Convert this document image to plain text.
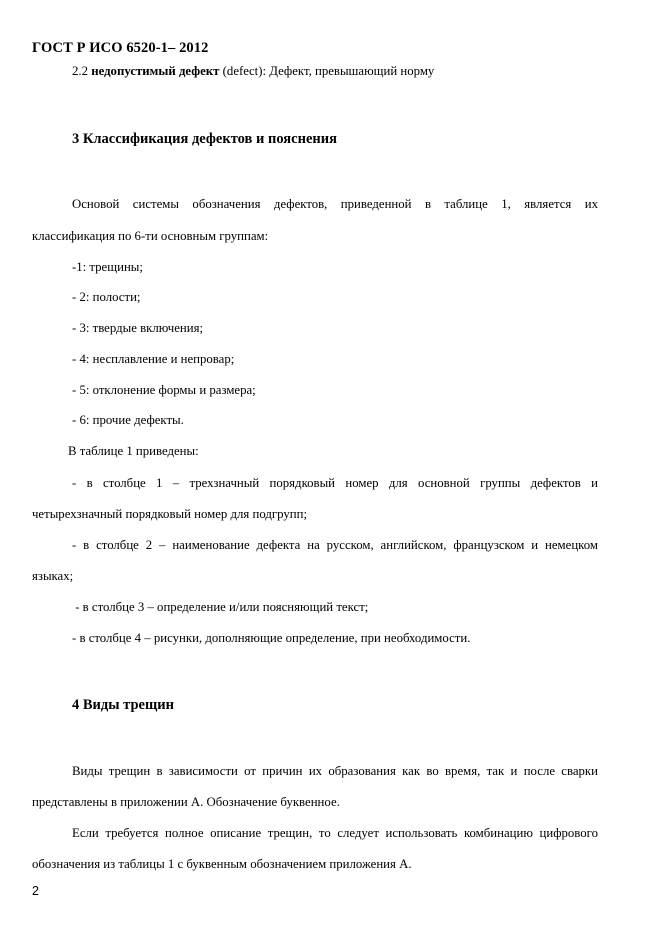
ГОСТ Р ИСО 6520-1– 2012
2.2 недопустимый дефект (defect): Дефект, превышающий норму
3 Классификация дефектов и пояснения
Основой системы обозначения дефектов, приведенной в таблице 1, является их
классификация по 6-ти основным группам:
-1: трещины;
- 2: полости;
- 3: твердые включения;
- 4: несплавление и непровар;
- 5: отклонение формы и размера;
- 6: прочие дефекты.
В таблице 1 приведены:
- в столбце 1 – трехзначный порядковый номер для основной группы дефектов и
четырехзначный порядковый номер для подгрупп;
- в столбце 2 – наименование дефекта на русском, английском, французском и немецком
языках;
- в столбце 3 – определение и/или поясняющий текст;
- в столбце 4 – рисунки, дополняющие определение, при необходимости.
4 Виды трещин
Виды трещин в зависимости от причин их образования как во время, так и после сварки
представлены в приложении А. Обозначение буквенное.
Если требуется полное описание трещин, то следует использовать комбинацию цифрового
обозначения из таблицы 1 с буквенным обозначением приложения А.
2
